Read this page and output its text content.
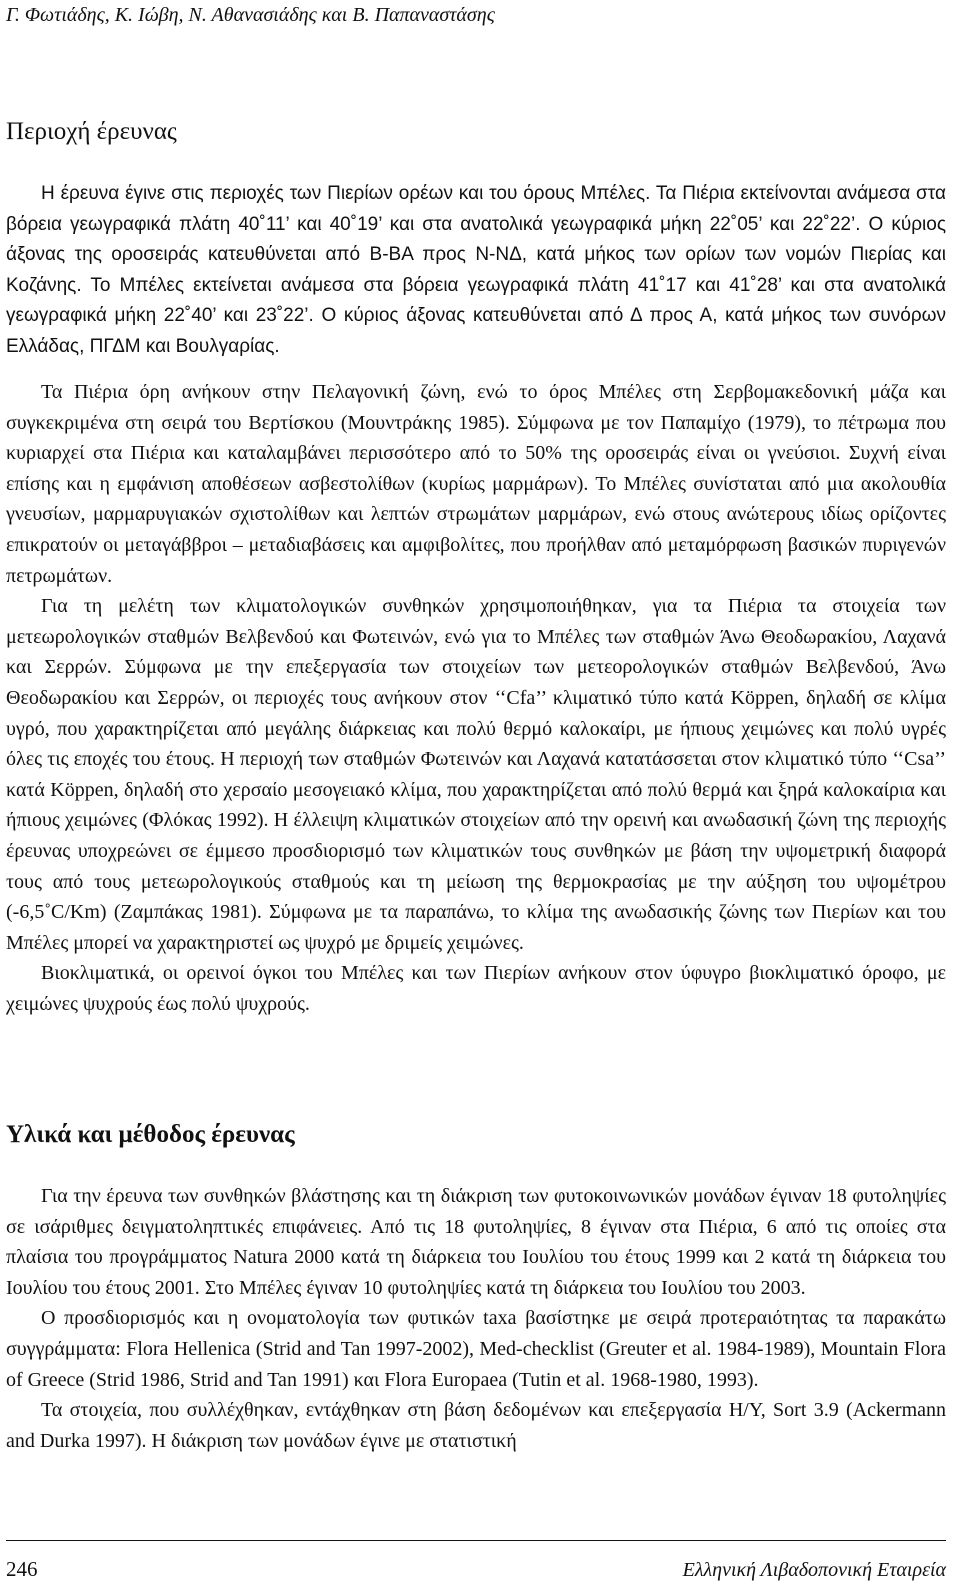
Γ. Φωτιάδης, Κ. Ιώβη, Ν. Αθανασιάδης και Β. Παπαναστάσης
Περιοχή έρευνας

Η έρευνα έγινε στις περιοχές των Πιερίων ορέων και του όρους Μπέλες. Τα Πιέρια εκτείνονται ανάμεσα στα βόρεια γεωγραφικά πλάτη 40˚11’ και 40˚19’ και στα ανατολικά γεωγραφικά μήκη 22˚05’ και 22˚22’. Ο κύριος άξονας της οροσειράς κατευθύνεται από Β-ΒΑ προς Ν-ΝΔ, κατά μήκος των ορίων των νομών Πιερίας και Κοζάνης. Το Μπέλες εκτείνεται ανάμεσα στα βόρεια γεωγραφικά πλάτη 41˚17 και 41˚28’ και στα ανατολικά γεωγραφικά μήκη 22˚40’ και 23˚22’. Ο κύριος άξονας κατευθύνεται από Δ προς Α, κατά μήκος των συνόρων Ελλάδας, ΠΓΔΜ και Βουλγαρίας.

Τα Πιέρια όρη ανήκουν στην Πελαγονική ζώνη, ενώ το όρος Μπέλες στη Σερβομακεδονική μάζα και συγκεκριμένα στη σειρά του Βερτίσκου (Μουντράκης 1985). Σύμφωνα με τον Παπαμίχο (1979), το πέτρωμα που κυριαρχεί στα Πιέρια και καταλαμβάνει περισσότερο από το 50% της οροσειράς είναι οι γνεύσιοι. Συχνή είναι επίσης και η εμφάνιση αποθέσεων ασβεστολίθων (κυρίως μαρμάρων). Το Μπέλες συνίσταται από μια ακολουθία γνευσίων, μαρμαρυγιακών σχιστολίθων και λεπτών στρωμάτων μαρμάρων, ενώ στους ανώτερους ιδίως ορίζοντες επικρατούν οι μεταγάββροι – μεταδιαβάσεις και αμφιβολίτες, που προήλθαν από μεταμόρφωση βασικών πυριγενών πετρωμάτων.

Για τη μελέτη των κλιματολογικών συνθηκών χρησιμοποιήθηκαν, για τα Πιέρια τα στοιχεία των μετεωρολογικών σταθμών Βελβενδού και Φωτεινών, ενώ για το Μπέλες των σταθμών Άνω Θεοδωρακίου, Λαχανά και Σερρών. Σύμφωνα με την επεξεργασία των στοιχείων των μετεορολογικών σταθμών Βελβενδού, Άνω Θεοδωρακίου και Σερρών, οι περιοχές τους ανήκουν στον ‘‘Cfa’’ κλιματικό τύπο κατά Köppen, δηλαδή σε κλίμα υγρό, που χαρακτηρίζεται από μεγάλης διάρκειας και πολύ θερμό καλοκαίρι, με ήπιους χειμώνες και πολύ υγρές όλες τις εποχές του έτους. Η περιοχή των σταθμών Φωτεινών και Λαχανά κατατάσσεται στον κλιματικό τύπο ‘‘Csa’’ κατά Köppen, δηλαδή στο χερσαίο μεσογειακό κλίμα, που χαρακτηρίζεται από πολύ θερμά και ξηρά καλοκαίρια και ήπιους χειμώνες (Φλόκας 1992). Η έλλειψη κλιματικών στοιχείων από την ορεινή και ανωδασική ζώνη της περιοχής έρευνας υποχρεώνει σε έμμεσο προσδιορισμό των κλιματικών τους συνθηκών με βάση την υψομετρική διαφορά τους από τους μετεωρολογικούς σταθμούς και τη μείωση της θερμοκρασίας με την αύξηση του υψομέτρου (-6,5˚C/Km) (Ζαμπάκας 1981). Σύμφωνα με τα παραπάνω, το κλίμα της ανωδασικής ζώνης των Πιερίων και του Μπέλες μπορεί να χαρακτηριστεί ως ψυχρό με δριμείς χειμώνες.

Βιοκλιματικά, οι ορεινοί όγκοι του Μπέλες και των Πιερίων ανήκουν στον ύφυγρο βιοκλιματικό όροφο, με χειμώνες ψυχρούς έως πολύ ψυχρούς.

Υλικά και μέθοδος έρευνας

Για την έρευνα των συνθηκών βλάστησης και τη διάκριση των φυτοκοινωνικών μονάδων έγιναν 18 φυτοληψίες σε ισάριθμες δειγματοληπτικές επιφάνειες. Από τις 18 φυτοληψίες, 8 έγιναν στα Πιέρια, 6 από τις οποίες στα πλαίσια του προγράμματος Natura 2000 κατά τη διάρκεια του Ιουλίου του έτους 1999 και 2 κατά τη διάρκεια του Ιουλίου του έτους 2001. Στο Μπέλες έγιναν 10 φυτοληψίες κατά τη διάρκεια του Ιουλίου του 2003.

Ο προσδιορισμός και η ονοματολογία των φυτικών taxa βασίστηκε με σειρά προτεραιότητας τα παρακάτω συγγράμματα: Flora Hellenica (Strid and Tan 1997-2002), Med-checklist (Greuter et al. 1984-1989), Mountain Flora of Greece (Strid 1986, Strid and Tan 1991) και Flora Europaea (Tutin et al. 1968-1980, 1993).

Τα στοιχεία, που συλλέχθηκαν, εντάχθηκαν στη βάση δεδομένων και επεξεργασία Η/Υ, Sort 3.9 (Ackermann and Durka 1997). Η διάκριση των μονάδων έγινε με στατιστική

246	Ελληνική Λιβαδοπονική Εταιρεία
